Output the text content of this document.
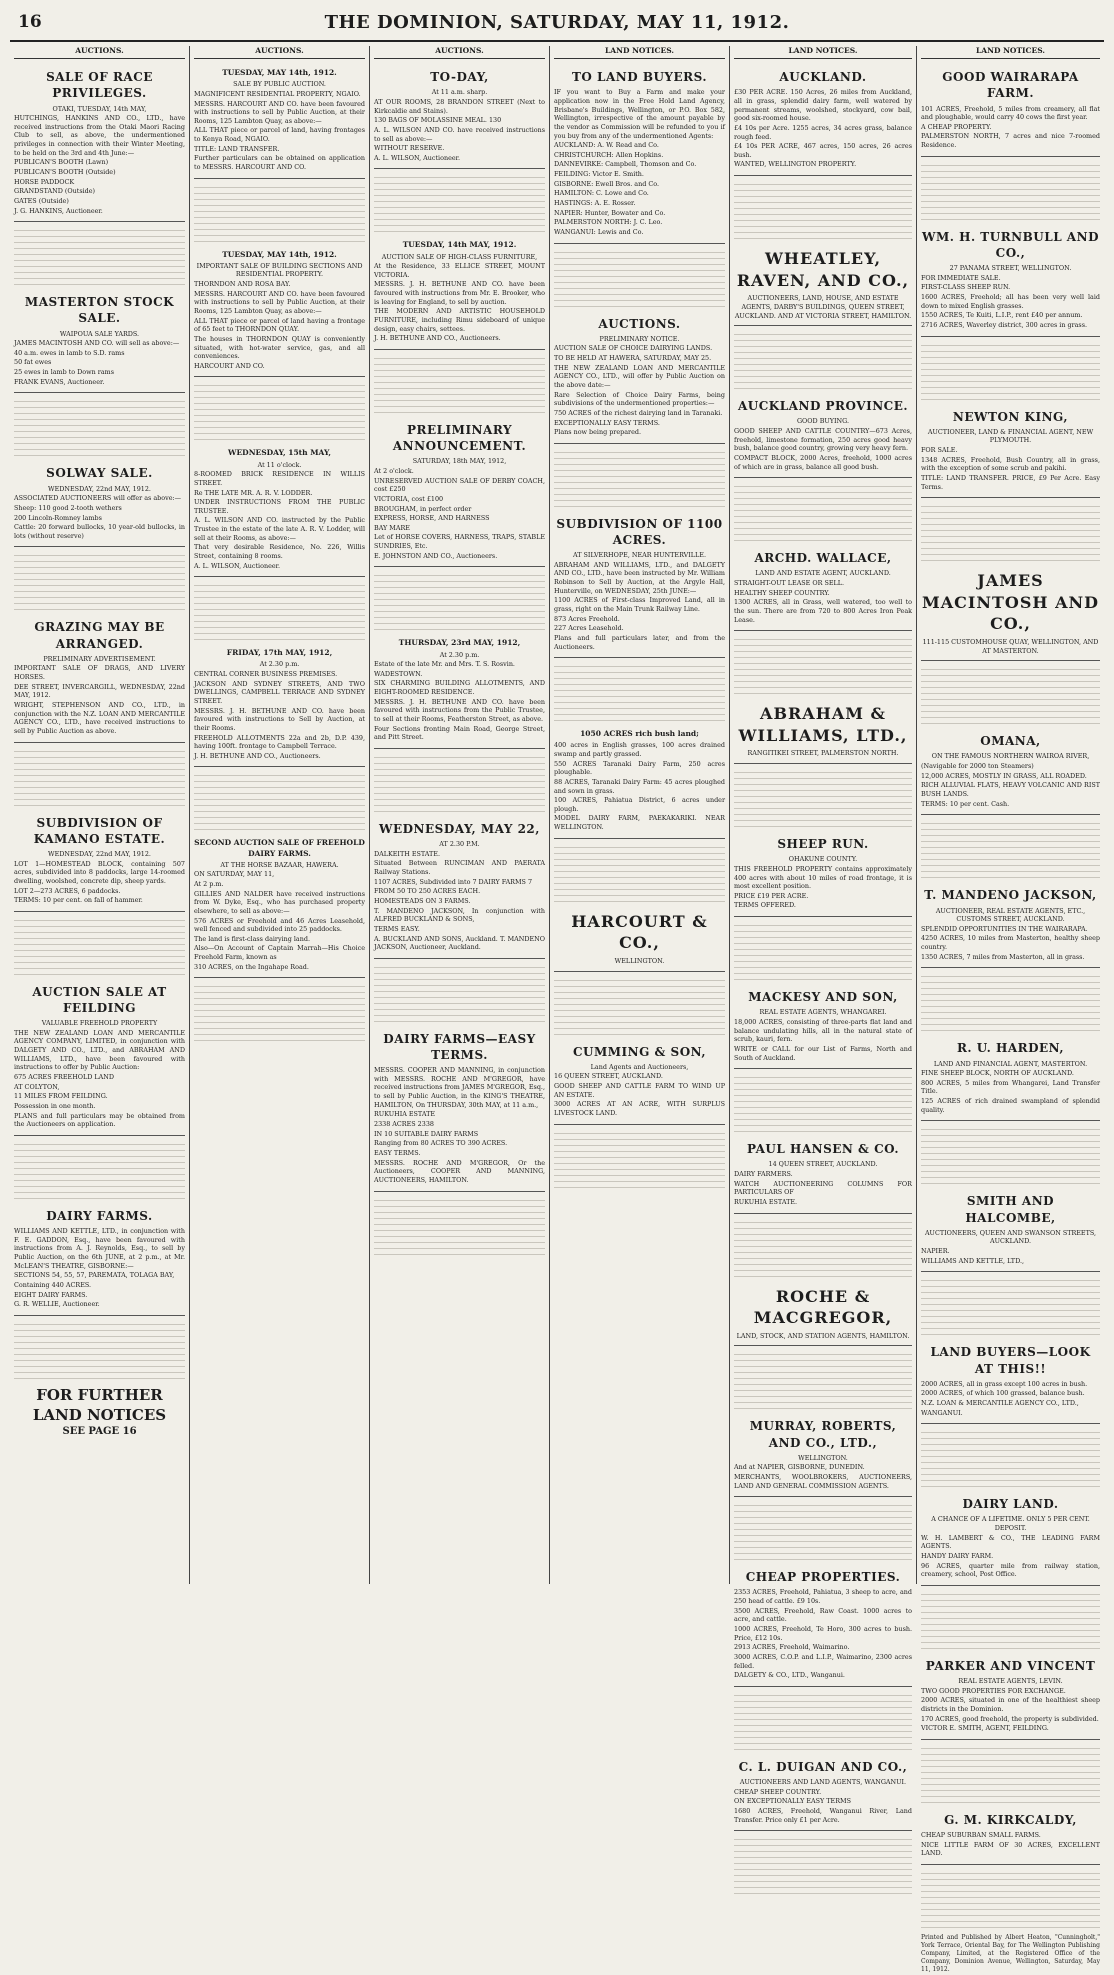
16	THE DOMINION, SATURDAY, MAY 11, 1912.
AUCTIONS.
SALE OF RACE PRIVILEGES.
OTAKI, TUESDAY, 14th MAY,

HUTCHINGS, HANKINS AND CO., LTD., have received instructions from the Otaki Maori Racing Club to sell, as above, the undermentioned privileges in connection with their Winter Meeting, to be held on the 3rd and 4th June:—

PUBLICAN'S BOOTH (Lawn)

PUBLICAN'S BOOTH (Outside)

HORSE PADDOCK

GRANDSTAND (Outside)

GATES (Outside)

J. G. HANKINS, Auctioneer.

MASTERTON STOCK SALE.
WAIPOUA SALE YARDS.

JAMES MACINTOSH AND CO. will sell as above:—

40 a.m. ewes in lamb to S.D. rams

50 fat ewes

25 ewes in lamb to Down rams

FRANK EVANS, Auctioneer.

SOLWAY SALE.
WEDNESDAY, 22nd MAY, 1912.

ASSOCIATED AUCTIONEERS will offer as above:—

Sheep: 110 good 2-tooth wethers

200 Lincoln-Romney lambs

Cattle: 20 forward bullocks, 10 year-old bullocks, in lots (without reserve)

GRAZING MAY BE ARRANGED.
PRELIMINARY ADVERTISEMENT.

IMPORTANT SALE OF DRAGS, AND LIVERY HORSES.

DEE STREET, INVERCARGILL, WEDNESDAY, 22nd MAY, 1912.

WRIGHT, STEPHENSON AND CO., LTD., in conjunction with the N.Z. LOAN AND MERCANTILE AGENCY CO., LTD., have received instructions to sell by Public Auction as above.

SUBDIVISION OF KAMANO ESTATE.
WEDNESDAY, 22nd MAY, 1912.

LOT 1—HOMESTEAD BLOCK, containing 507 acres, subdivided into 8 paddocks, large 14-roomed dwelling, woolshed, concrete dip, sheep yards.

LOT 2—273 ACRES, 6 paddocks.

TERMS: 10 per cent. on fall of hammer.

AUCTION SALE AT FEILDING
VALUABLE FREEHOLD PROPERTY

THE NEW ZEALAND LOAN AND MERCANTILE AGENCY COMPANY, LIMITED, in conjunction with DALGETY AND CO., LTD., and ABRAHAM AND WILLIAMS, LTD., have been favoured with instructions to offer by Public Auction:

675 ACRES FREEHOLD LAND

AT COLYTON,

11 MILES FROM FEILDING.

Possession in one month.

PLANS and full particulars may be obtained from the Auctioneers on application.

DAIRY FARMS.

WILLIAMS AND KETTLE, LTD., in conjunction with F. E. GADDON, Esq., have been favoured with instructions from A. J. Reynolds, Esq., to sell by Public Auction, on the 6th JUNE, at 2 p.m., at Mr. McLEAN'S THEATRE, GISBORNE:—

SECTIONS 54, 55, 57, PAREMATA, TOLAGA BAY,

Containing 440 ACRES.

EIGHT DAIRY FARMS.

G. R. WELLIE, Auctioneer.

FOR FURTHER LAND NOTICES
SEE PAGE 16
AUCTIONS.
TUESDAY, MAY 14th, 1912.
SALE BY PUBLIC AUCTION.

MAGNIFICENT RESIDENTIAL PROPERTY, NGAIO.

MESSRS. HARCOURT AND CO. have been favoured with instructions to sell by Public Auction, at their Rooms, 125 Lambton Quay, as above:—

ALL THAT piece or parcel of land, having frontages to Kenya Road, NGAIO.

TITLE: LAND TRANSFER.

Further particulars can be obtained on application to MESSRS. HARCOURT AND CO.

TUESDAY, MAY 14th, 1912.
IMPORTANT SALE OF BUILDING SECTIONS AND RESIDENTIAL PROPERTY.

THORNDON AND ROSA BAY.

MESSRS. HARCOURT AND CO. have been favoured with instructions to sell by Public Auction, at their Rooms, 125 Lambton Quay, as above:—

ALL THAT piece or parcel of land having a frontage of 65 feet to THORNDON QUAY.

The houses in THORNDON QUAY is conveniently situated, with hot-water service, gas, and all conveniences.

HARCOURT AND CO.

WEDNESDAY, 15th MAY,
At 11 o'clock.

8-ROOMED BRICK RESIDENCE IN WILLIS STREET.

Re THE LATE MR. A. R. V. LODDER.

UNDER INSTRUCTIONS FROM THE PUBLIC TRUSTEE.

A. L. WILSON AND CO. instructed by the Public Trustee in the estate of the late A. R. V. Lodder, will sell at their Rooms, as above:—

That very desirable Residence, No. 226, Willis Street, containing 8 rooms.

A. L. WILSON, Auctioneer.

FRIDAY, 17th MAY, 1912,
At 2.30 p.m.

CENTRAL CORNER BUSINESS PREMISES.

JACKSON AND SYDNEY STREETS, AND TWO DWELLINGS, CAMPBELL TERRACE AND SYDNEY STREET.

MESSRS. J. H. BETHUNE AND CO. have been favoured with instructions to Sell by Auction, at their Rooms.

FREEHOLD ALLOTMENTS 22a and 2b, D.P. 439, having 100ft. frontage to Campbell Terrace.

J. H. BETHUNE AND CO., Auctioneers.

SECOND AUCTION SALE OF FREEHOLD DAIRY FARMS.
AT THE HORSE BAZAAR, HAWERA.

ON SATURDAY, MAY 11,

At 2 p.m.

GILLIES AND NALDER have received instructions from W. Dyke, Esq., who has purchased property elsewhere, to sell as above:—

576 ACRES or Freehold and 46 Acres Leasehold, well fenced and subdivided into 25 paddocks.

The land is first-class dairying land.

Also—On Account of Captain Marrah—His Choice Freehold Farm, known as

310 ACRES, on the Ingahape Road.

AUCTIONS.
TO-DAY,
At 11 a.m. sharp.

AT OUR ROOMS, 28 BRANDON STREET (Next to Kirkcaldie and Stains).

130 BAGS OF MOLASSINE MEAL. 130

A. L. WILSON AND CO. have received instructions to sell as above:—

WITHOUT RESERVE.

A. L. WILSON, Auctioneer.

TUESDAY, 14th MAY, 1912.
AUCTION SALE OF HIGH-CLASS FURNITURE,

At the Residence, 33 ELLICE STREET, MOUNT VICTORIA.

MESSRS. J. H. BETHUNE AND CO. have been favoured with instructions from Mr. E. Brooker, who is leaving for England, to sell by auction.

THE MODERN AND ARTISTIC HOUSEHOLD FURNITURE, including Rimu sideboard of unique design, easy chairs, settees.

J. H. BETHUNE AND CO., Auctioneers.

PRELIMINARY ANNOUNCEMENT.
SATURDAY, 18th MAY, 1912,

At 2 o'clock.

UNRESERVED AUCTION SALE OF DERBY COACH, cost £250

VICTORIA, cost £100

BROUGHAM, in perfect order

EXPRESS, HORSE, AND HARNESS

BAY MARE

Let of HORSE COVERS, HARNESS, TRAPS, STABLE SUNDRIES, Etc.

E. JOHNSTON AND CO., Auctioneers.

THURSDAY, 23rd MAY, 1912,
At 2.30 p.m.

Estate of the late Mr. and Mrs. T. S. Rosvin.

WADESTOWN.

SIX CHARMING BUILDING ALLOTMENTS, AND EIGHT-ROOMED RESIDENCE.

MESSRS. J. H. BETHUNE AND CO. have been favoured with instructions from the Public Trustee, to sell at their Rooms, Featherston Street, as above.

Four Sections fronting Main Road, George Street, and Pitt Street.

WEDNESDAY, MAY 22,
AT 2.30 P.M.

DALKEITH ESTATE.

Situated Between RUNCIMAN AND PAERATA Railway Stations.

1107 ACRES, Subdivided into 7 DAIRY FARMS 7

FROM 50 TO 250 ACRES EACH.

HOMESTEADS ON 3 FARMS.

T. MANDENO JACKSON, In conjunction with ALFRED BUCKLAND & SONS,

TERMS EASY.

A. BUCKLAND AND SONS, Auckland. T. MANDENO JACKSON, Auctioneer, Auckland.

DAIRY FARMS—EASY TERMS.

MESSRS. COOPER AND MANNING, in conjunction with MESSRS. ROCHE AND M'GREGOR, have received instructions from JAMES M'GREGOR, Esq., to sell by Public Auction, in the KING'S THEATRE, HAMILTON, On THURSDAY, 30th MAY, at 11 a.m.,

RUKUHIA ESTATE

2338 ACRES 2338

IN 10 SUITABLE DAIRY FARMS

Ranging from 80 ACRES TO 390 ACRES.

EASY TERMS.

MESSRS. ROCHE AND M'GREGOR, Or the Auctioneers, COOPER AND MANNING, AUCTIONEERS, HAMILTON.

LAND NOTICES.
TO LAND BUYERS.

IF you want to Buy a Farm and make your application now in the Free Hold Land Agency, Brisbane's Buildings, Wellington, or P.O. Box 582, Wellington, irrespective of the amount payable by the vendor as Commission will be refunded to you if you buy from any of the undermentioned Agents:

AUCKLAND: A. W. Read and Co.

CHRISTCHURCH: Allen Hopkins.

DANNEVIRKE: Campbell, Thomson and Co.

FEILDING: Victor E. Smith.

GISBORNE: Ewell Bros. and Co.

HAMILTON: C. Lowe and Co.

HASTINGS: A. E. Rosser.

NAPIER: Hunter, Bowater and Co.

PALMERSTON NORTH: J. C. Leo.

WANGANUI: Lewis and Co.

AUCTIONS.
PRELIMINARY NOTICE.

AUCTION SALE OF CHOICE DAIRYING LANDS.

TO BE HELD AT HAWERA, SATURDAY, MAY 25.

THE NEW ZEALAND LOAN AND MERCANTILE AGENCY CO., LTD., will offer by Public Auction on the above date:—

Rare Selection of Choice Dairy Farms, being subdivisions of the undermentioned properties:—

750 ACRES of the richest dairying land in Taranaki.

EXCEPTIONALLY EASY TERMS.

Plans now being prepared.

SUBDIVISION OF 1100 ACRES.
AT SILVERHOPE, NEAR HUNTERVILLE.

ABRAHAM AND WILLIAMS, LTD., and DALGETY AND CO., LTD., have been instructed by Mr. William Robinson to Sell by Auction, at the Argyle Hall, Hunterville, on WEDNESDAY, 25th JUNE:—

1100 ACRES of First-class Improved Land, all in grass, right on the Main Trunk Railway Line.

873 Acres Freehold.

227 Acres Leasehold.

Plans and full particulars later, and from the Auctioneers.

1050 ACRES rich bush land;

400 acres in English grasses, 100 acres drained swamp and partly grassed.

550 ACRES Taranaki Dairy Farm, 250 acres ploughable.

88 ACRES, Taranaki Dairy Farm: 45 acres ploughed and sown in grass.

100 ACRES, Pahiatua District, 6 acres under plough.

MODEL DAIRY FARM, PAEKAKARIKI. NEAR WELLINGTON.

HARCOURT & CO.,
WELLINGTON.
CUMMING & SON,
Land Agents and Auctioneers,

16 QUEEN STREET, AUCKLAND.

GOOD SHEEP AND CATTLE FARM TO WIND UP AN ESTATE.

3000 ACRES AT AN ACRE, WITH SURPLUS LIVESTOCK LAND.

LAND NOTICES.
AUCKLAND.

£30 PER ACRE. 150 Acres, 26 miles from Auckland, all in grass, splendid dairy farm, well watered by permanent streams, woolshed, stockyard, cow bail, good six-roomed house.

£4 10s per Acre. 1255 acres, 34 acres grass, balance rough feed.

£4 10s PER ACRE, 467 acres, 150 acres, 26 acres bush.

WANTED, WELLINGTON PROPERTY.

WHEATLEY, RAVEN, AND CO.,
AUCTIONEERS, LAND, HOUSE, AND ESTATE AGENTS, DARBY'S BUILDINGS, QUEEN STREET, AUCKLAND. AND AT VICTORIA STREET, HAMILTON.
AUCKLAND PROVINCE.
GOOD BUYING.

GOOD SHEEP AND CATTLE COUNTRY—673 Acres, freehold, limestone formation, 250 acres good heavy bush, balance good country, growing very heavy fern.

COMPACT BLOCK, 2000 Acres, freehold, 1000 acres of which are in grass, balance all good bush.

ARCHD. WALLACE,
LAND AND ESTATE AGENT, AUCKLAND.

STRAIGHT-OUT LEASE OR SELL.

HEALTHY SHEEP COUNTRY.

1300 ACRES, all in Grass, well watered, too well to the sun. There are from 720 to 800 Acres Iron Peak Lease.

ABRAHAM & WILLIAMS, LTD.,
RANGITIKEI STREET, PALMERSTON NORTH.
SHEEP RUN.
OHAKUNE COUNTY.

THIS FREEHOLD PROPERTY contains approximately 400 acres with about 10 miles of road frontage, it is most excellent position.

PRICE £19 PER ACRE.

TERMS OFFERED.

MACKESY AND SON,
REAL ESTATE AGENTS, WHANGAREI.

18,000 ACRES, consisting of three-parts flat land and balance undulating hills, all in the natural state of scrub, kauri, fern.

WRITE or CALL for our List of Farms, North and South of Auckland.

PAUL HANSEN & CO.
14 QUEEN STREET, AUCKLAND.

DAIRY FARMERS.

WATCH AUCTIONEERING COLUMNS FOR PARTICULARS OF

RUKUHIA ESTATE.

ROCHE & MACGREGOR,
LAND, STOCK, AND STATION AGENTS, HAMILTON.
MURRAY, ROBERTS, AND CO., LTD.,
WELLINGTON.

And at NAPIER, GISBORNE, DUNEDIN.

MERCHANTS, WOOLBROKERS, AUCTIONEERS, LAND AND GENERAL COMMISSION AGENTS.

CHEAP PROPERTIES.

2353 ACRES, Freehold, Pahiatua, 3 sheep to acre, and 250 head of cattle. £9 10s.

3500 ACRES, Freehold, Raw Coast. 1000 acres to acre, and cattle.

1000 ACRES, Freehold, Te Horo, 300 acres to bush. Price, £12 10s.

2913 ACRES, Freehold, Waimarino.

3000 ACRES, C.O.P. and L.I.P., Waimarino, 2300 acres felled.

DALGETY & CO., LTD., Wanganui.

C. L. DUIGAN AND CO.,
AUCTIONEERS AND LAND AGENTS, WANGANUI.

CHEAP SHEEP COUNTRY.

ON EXCEPTIONALLY EASY TERMS

1680 ACRES, Freehold, Wanganui River, Land Transfer. Price only £1 per Acre.

LAND NOTICES.
GOOD WAIRARAPA FARM.

101 ACRES, Freehold, 5 miles from creamery, all flat and ploughable, would carry 40 cows the first year.

A CHEAP PROPERTY.

PALMERSTON NORTH, 7 acres and nice 7-roomed Residence.

WM. H. TURNBULL AND CO.,
27 PANAMA STREET, WELLINGTON.

FOR IMMEDIATE SALE.

FIRST-CLASS SHEEP RUN.

1600 ACRES, Freehold; all has been very well laid down to mixed English grasses.

1550 ACRES, Te Kuiti, L.I.P., rent £40 per annum.

2716 ACRES, Waverley district, 300 acres in grass.

NEWTON KING,
AUCTIONEER, LAND & FINANCIAL AGENT, NEW PLYMOUTH.

FOR SALE.

1348 ACRES, Freehold, Bush Country, all in grass, with the exception of some scrub and pakihi.

TITLE: LAND TRANSFER. PRICE, £9 Per Acre. Easy Terms.

JAMES MACINTOSH AND CO.,
111-115 CUSTOMHOUSE QUAY, WELLINGTON, AND AT MASTERTON.
OMANA,
ON THE FAMOUS NORTHERN WAIROA RIVER,

(Navigable for 2000 ton Steamers)

12,000 ACRES, MOSTLY IN GRASS, ALL ROADED.

RICH ALLUVIAL FLATS, HEAVY VOLCANIC AND RIST BUSH LANDS.

TERMS: 10 per cent. Cash.

T. MANDENO JACKSON,
AUCTIONEER, REAL ESTATE AGENTS, ETC., CUSTOMS STREET, AUCKLAND.

SPLENDID OPPORTUNITIES IN THE WAIRARAPA.

4250 ACRES, 10 miles from Masterton, healthy sheep country.

1350 ACRES, 7 miles from Masterton, all in grass.

R. U. HARDEN,
LAND AND FINANCIAL AGENT, MASTERTON.

FINE SHEEP BLOCK, NORTH OF AUCKLAND.

800 ACRES, 5 miles from Whangarei, Land Transfer Title.

125 ACRES of rich drained swampland of splendid quality.

SMITH AND HALCOMBE,
AUCTIONEERS, QUEEN AND SWANSON STREETS, AUCKLAND.

NAPIER.

WILLIAMS AND KETTLE, LTD.,

LAND BUYERS—LOOK AT THIS!!

2000 ACRES, all in grass except 100 acres in bush.

2000 ACRES, of which 100 grassed, balance bush.

N.Z. LOAN & MERCANTILE AGENCY CO., LTD.,

WANGANUI.

DAIRY LAND.
A CHANCE OF A LIFETIME. ONLY 5 PER CENT. DEPOSIT.

W. H. LAMBERT & CO., THE LEADING FARM AGENTS.

HANDY DAIRY FARM.

96 ACRES, quarter mile from railway station, creamery, school, Post Office.

PARKER AND VINCENT
REAL ESTATE AGENTS, LEVIN.

TWO GOOD PROPERTIES FOR EXCHANGE.

2000 ACRES, situated in one of the healthiest sheep districts in the Dominion.

170 ACRES, good freehold, the property is subdivided.

VICTOR E. SMITH, AGENT, FEILDING.

G. M. KIRKCALDY,

CHEAP SUBURBAN SMALL FARMS.

NICE LITTLE FARM OF 30 ACRES, EXCELLENT LAND.

Printed and Published by Albert Heaton, "Cunningholt," York Terrace, Oriental Bay, for The Wellington Publishing Company, Limited, at the Registered Office of the Company, Dominion Avenue, Wellington, Saturday, May 11, 1912.
